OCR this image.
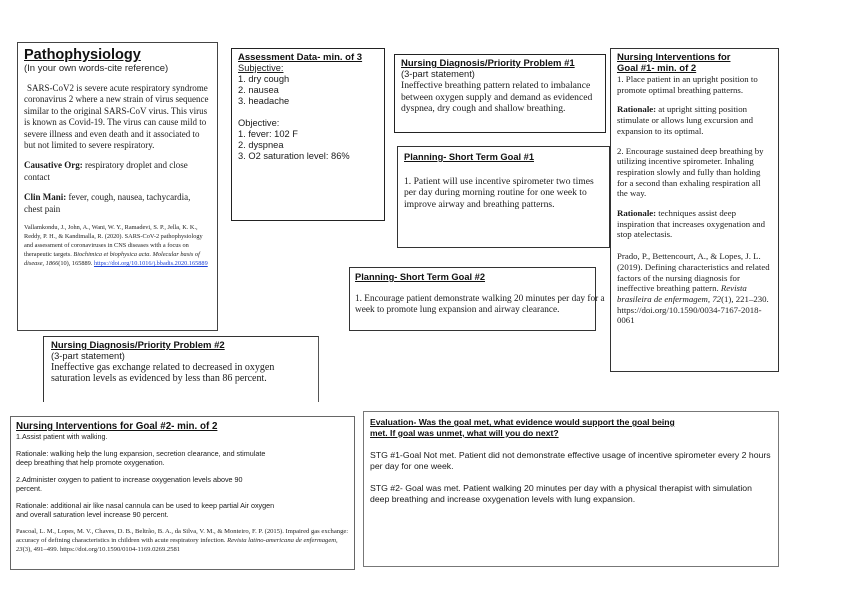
Pathophysiology
(In your own words-cite reference)
SARS-CoV2 is severe acute respiratory syndrome coronavirus 2 where a new strain of virus sequence similar to the original SARS-CoV virus. This virus is known as Covid-19. The virus can cause mild to severe illness and even death and it associated to but not limited to severe respiratory.
Causative Org: respiratory droplet and close contact
Clin Mani: fever, cough, nausea, tachycardia, chest pain
Vallamkondu, J., John, A., Wani, W. Y., Ramadevi, S. P., Jella, K. K., Reddy, P. H., & Kandimalla, R. (2020). SARS-CoV-2 pathophysiology and assessment of coronaviruses in CNS diseases with a focus on therapeutic targets. Biochimica et biophysica acta. Molecular basis of disease, 1866(10), 165889. https://doi.org/10.1016/j.bbadis.2020.165889
Assessment Data- min. of 3
Subjective:
1. dry cough
2. nausea
3. headache
Objective:
1. fever: 102 F
2. dyspnea
3. O2 saturation level: 86%
Nursing Diagnosis/Priority Problem #1
(3-part statement)
Ineffective breathing pattern related to imbalance between oxygen supply and demand as evidenced dyspnea, dry cough and shallow breathing.
Planning- Short Term Goal #1
1. Patient will use incentive spirometer two times per day during morning routine for one week to improve airway and breathing patterns.
Nursing Interventions for
Goal #1- min. of 2
1. Place patient in an upright position to promote optimal breathing patterns.
Rationale: at upright sitting position stimulate or allows lung excursion and expansion to its optimal.
2. Encourage sustained deep breathing by utilizing incentive spirometer. Inhaling respiration slowly and fully than holding for a second than exhaling respiration all the way.
Rationale: techniques assist deep inspiration that increases oxygenation and stop atelectasis.
Prado, P., Bettencourt, A., & Lopes, J. L. (2019). Defining characteristics and related factors of the nursing diagnosis for ineffective breathing pattern. Revista brasileira de enfermagem, 72(1), 221–230. https://doi.org/10.1590/0034-7167-2018-0061
Planning- Short Term Goal #2
1. Encourage patient demonstrate walking 20 minutes per day for a week to promote lung expansion and airway clearance.
Nursing Diagnosis/Priority Problem #2
(3-part statement)
Ineffective gas exchange related to decreased in oxygen saturation levels as evidenced by less than 86 percent.
Nursing Interventions for Goal #2- min. of 2
1.Assist patient with walking.
Rationale: walking help the lung expansion, secretion clearance, and stimulate deep breathing that help promote oxygenation.
2.Administer oxygen to patient to increase oxygenation levels above 90 percent.
Rationale: additional air like nasal cannula can be used to keep partial Air oxygen and overall saturation level increase 90 percent.
Pascoal, L. M., Lopes, M. V., Chaves, D. B., Beltrão, B. A., da Silva, V. M., & Monteiro, F. P. (2015). Impaired gas exchange: accuracy of defining characteristics in children with acute respiratory infection. Revista latino-americana de enfermagem, 23(3), 491–499. https://doi.org/10.1590/0104-1169.0269.2581
Evaluation- Was the goal met, what evidence would support the goal being
met. If goal was unmet, what will you do next?
STG #1-Goal Not met. Patient did not demonstrate effective usage of incentive spirometer every 2 hours per day for one week.
STG #2- Goal was met. Patient walking 20 minutes per day with a physical therapist with simulation deep breathing and increase oxygenation levels with lung expansion.
